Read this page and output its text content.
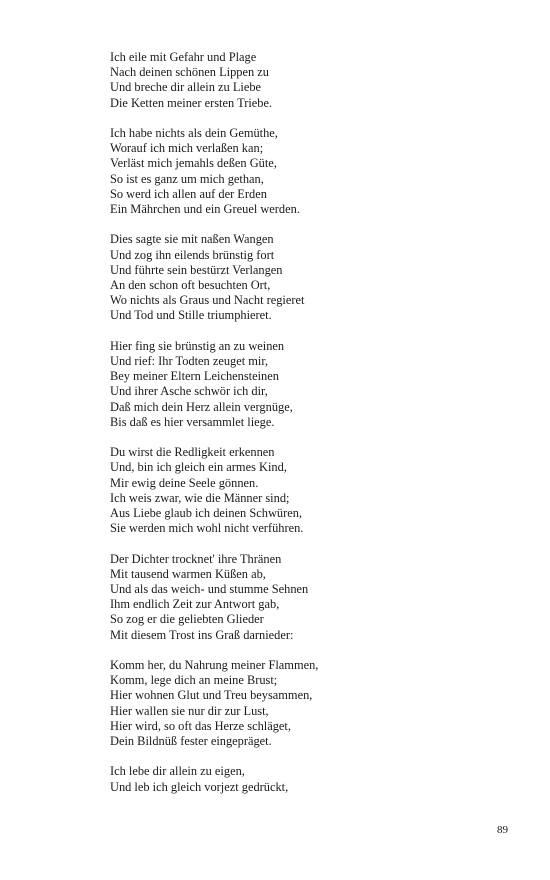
Ich eile mit Gefahr und Plage
Nach deinen schönen Lippen zu
Und breche dir allein zu Liebe
Die Ketten meiner ersten Triebe.
Ich habe nichts als dein Gemüthe,
Worauf ich mich verlaßen kan;
Verläst mich jemahls deßen Güte,
So ist es ganz um mich gethan,
So werd ich allen auf der Erden
Ein Mährchen und ein Greuel werden.
Dies sagte sie mit naßen Wangen
Und zog ihn eilends brünstig fort
Und führte sein bestürzt Verlangen
An den schon oft besuchten Ort,
Wo nichts als Graus und Nacht regieret
Und Tod und Stille triumphieret.
Hier fing sie brünstig an zu weinen
Und rief: Ihr Todten zeuget mir,
Bey meiner Eltern Leichensteinen
Und ihrer Asche schwör ich dir,
Daß mich dein Herz allein vergnüge,
Bis daß es hier versammlet liege.
Du wirst die Redligkeit erkennen
Und, bin ich gleich ein armes Kind,
Mir ewig deine Seele gönnen.
Ich weis zwar, wie die Männer sind;
Aus Liebe glaub ich deinen Schwüren,
Sie werden mich wohl nicht verführen.
Der Dichter trocknet' ihre Thränen
Mit tausend warmen Küßen ab,
Und als das weich- und stumme Sehnen
Ihm endlich Zeit zur Antwort gab,
So zog er die geliebten Glieder
Mit diesem Trost ins Graß darnieder:
Komm her, du Nahrung meiner Flammen,
Komm, lege dich an meine Brust;
Hier wohnen Glut und Treu beysammen,
Hier wallen sie nur dir zur Lust,
Hier wird, so oft das Herze schläget,
Dein Bildnüß fester eingepräget.
Ich lebe dir allein zu eigen,
Und leb ich gleich vorjezt gedrückt,
89
